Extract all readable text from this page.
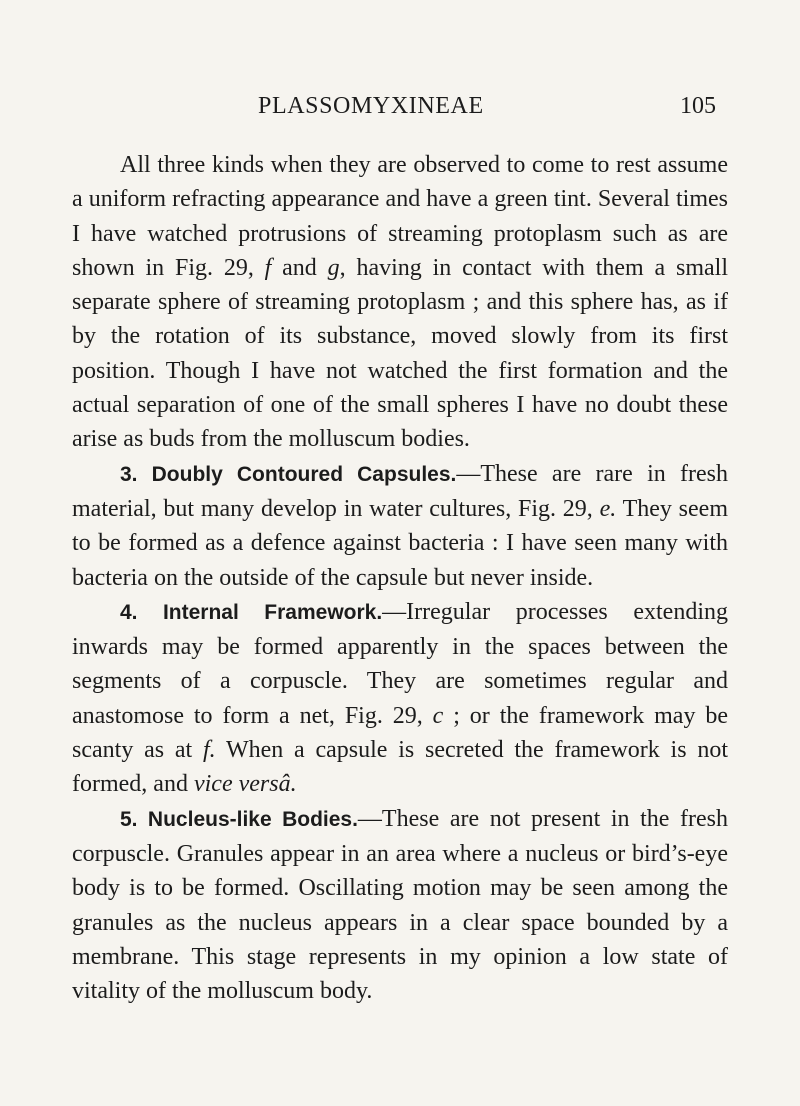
PLASSOMYXINEAE	105

All three kinds when they are observed to come to rest assume a uniform refracting appearance and have a green tint. Several times I have watched protrusions of streaming protoplasm such as are shown in Fig. 29, f and g, having in contact with them a small separate sphere of streaming protoplasm ; and this sphere has, as if by the rotation of its substance, moved slowly from its first position. Though I have not watched the first formation and the actual separation of one of the small spheres I have no doubt these arise as buds from the molluscum bodies.

3. Doubly Contoured Capsules.—These are rare in fresh material, but many develop in water cultures, Fig. 29, e. They seem to be formed as a defence against bacteria : I have seen many with bacteria on the outside of the capsule but never inside.

4. Internal Framework.—Irregular processes extending inwards may be formed apparently in the spaces between the segments of a corpuscle. They are sometimes regular and anastomose to form a net, Fig. 29, c ; or the framework may be scanty as at f. When a capsule is secreted the framework is not formed, and vice versâ.

5. Nucleus-like Bodies.—These are not present in the fresh corpuscle. Granules appear in an area where a nucleus or bird’s-eye body is to be formed. Oscillating motion may be seen among the granules as the nucleus appears in a clear space bounded by a membrane. This stage represents in my opinion a low state of vitality of the molluscum body.
